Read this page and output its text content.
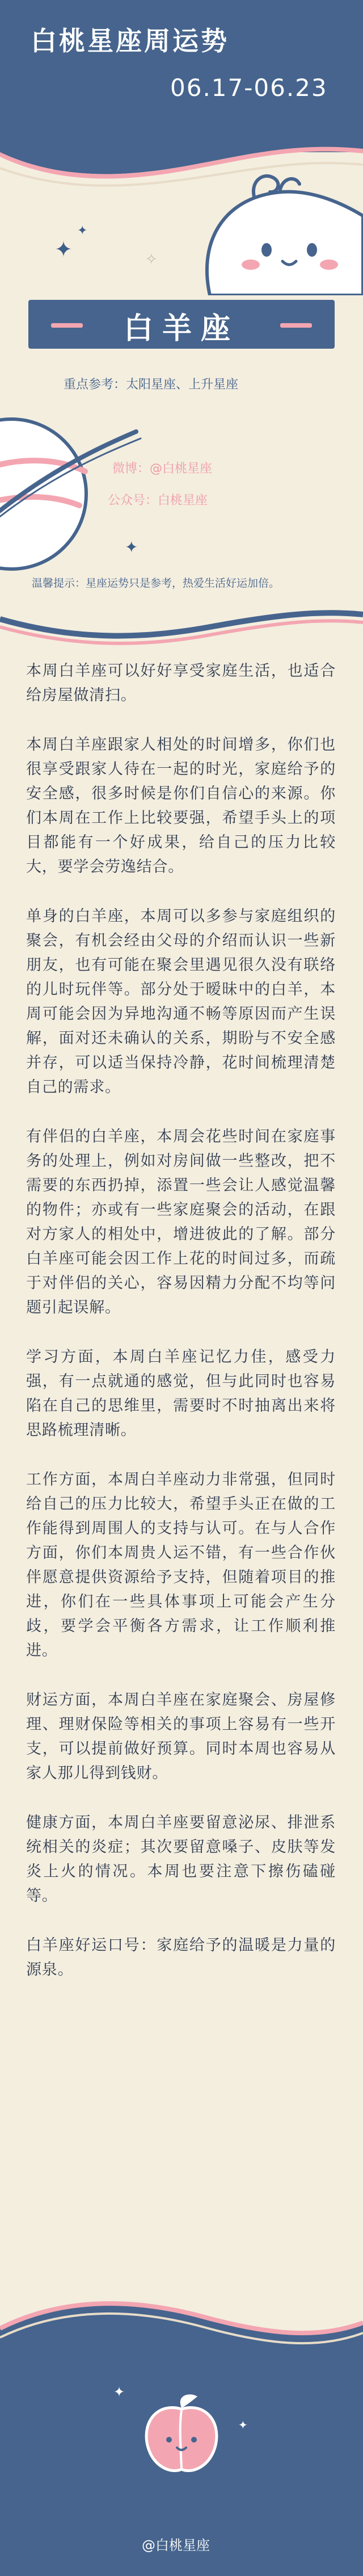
白桃星座周运势
06.17-06.23
✦
✦
✧
白羊座
重点参考：太阳星座、上升星座
✦
微博：@白桃星座
公众号：白桃星座
温馨提示：星座运势只是参考，热爱生活好运加倍。

本周白羊座可以好好享受家庭生活，也适合给房屋做清扫。

本周白羊座跟家人相处的时间增多，你们也很享受跟家人待在一起的时光，家庭给予的安全感，很多时候是你们自信心的来源。你们本周在工作上比较要强，希望手头上的项目都能有一个好成果，给自己的压力比较大，要学会劳逸结合。

单身的白羊座，本周可以多参与家庭组织的聚会，有机会经由父母的介绍而认识一些新朋友，也有可能在聚会里遇见很久没有联络的儿时玩伴等。部分处于暧昧中的白羊，本周可能会因为异地沟通不畅等原因而产生误解，面对还未确认的关系，期盼与不安全感并存，可以适当保持冷静，花时间梳理清楚自己的需求。

有伴侣的白羊座，本周会花些时间在家庭事务的处理上，例如对房间做一些整改，把不需要的东西扔掉，添置一些会让人感觉温馨的物件；亦或有一些家庭聚会的活动，在跟对方家人的相处中，增进彼此的了解。部分白羊座可能会因工作上花的时间过多，而疏于对伴侣的关心，容易因精力分配不均等问题引起误解。

学习方面，本周白羊座记忆力佳，感受力强，有一点就通的感觉，但与此同时也容易陷在自己的思维里，需要时不时抽离出来将思路梳理清晰。

工作方面，本周白羊座动力非常强，但同时给自己的压力比较大，希望手头正在做的工作能得到周围人的支持与认可。在与人合作方面，你们本周贵人运不错，有一些合作伙伴愿意提供资源给予支持，但随着项目的推进，你们在一些具体事项上可能会产生分歧，要学会平衡各方需求，让工作顺利推进。

财运方面，本周白羊座在家庭聚会、房屋修理、理财保险等相关的事项上容易有一些开支，可以提前做好预算。同时本周也容易从家人那儿得到钱财。

健康方面，本周白羊座要留意泌尿、排泄系统相关的炎症；其次要留意嗓子、皮肤等发炎上火的情况。本周也要注意下擦伤磕碰等。

白羊座好运口号：家庭给予的温暖是力量的源泉。

✦
✦
@白桃星座
